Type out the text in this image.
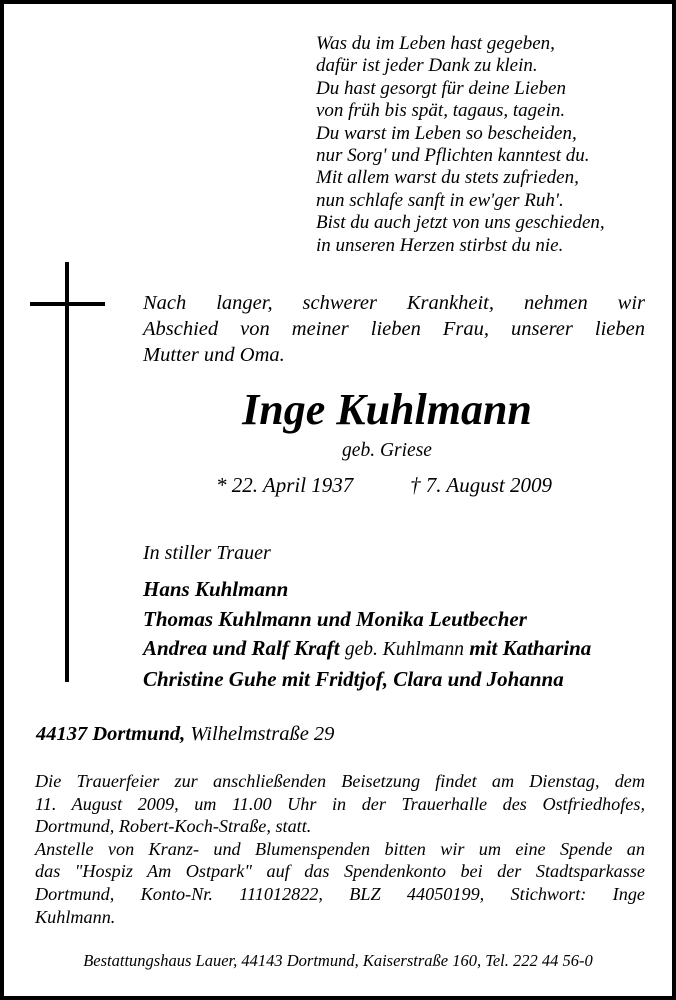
Was du im Leben hast gegeben,
dafür ist jeder Dank zu klein.
Du hast gesorgt für deine Lieben
von früh bis spät, tagaus, tagein.
Du warst im Leben so bescheiden,
nur Sorg' und Pflichten kanntest du.
Mit allem warst du stets zufrieden,
nun schlafe sanft in ew'ger Ruh'.
Bist du auch jetzt von uns geschieden,
in unseren Herzen stirbst du nie.
Nach langer, schwerer Krankheit, nehmen wir
Abschied von meiner lieben Frau, unserer lieben
Mutter und Oma.
Inge Kuhlmann
geb. Griese
* 22. April 1937	† 7. August 2009
In stiller Trauer
Hans Kuhlmann
Thomas Kuhlmann und Monika Leutbecher
Andrea und Ralf Kraft geb. Kuhlmann mit Katharina
Christine Guhe mit Fridtjof, Clara und Johanna
44137 Dortmund, Wilhelmstraße 29
Die Trauerfeier zur anschließenden Beisetzung findet am Dienstag, dem
11. August 2009, um 11.00 Uhr in der Trauerhalle des Ostfriedhofes,
Dortmund, Robert-Koch-Straße, statt.
Anstelle von Kranz- und Blumenspenden bitten wir um eine Spende an
das "Hospiz Am Ostpark" auf das Spendenkonto bei der Stadtsparkasse
Dortmund, Konto-Nr. 111012822, BLZ 44050199, Stichwort: Inge
Kuhlmann.
Bestattungshaus Lauer, 44143 Dortmund, Kaiserstraße 160, Tel. 222 44 56-0
